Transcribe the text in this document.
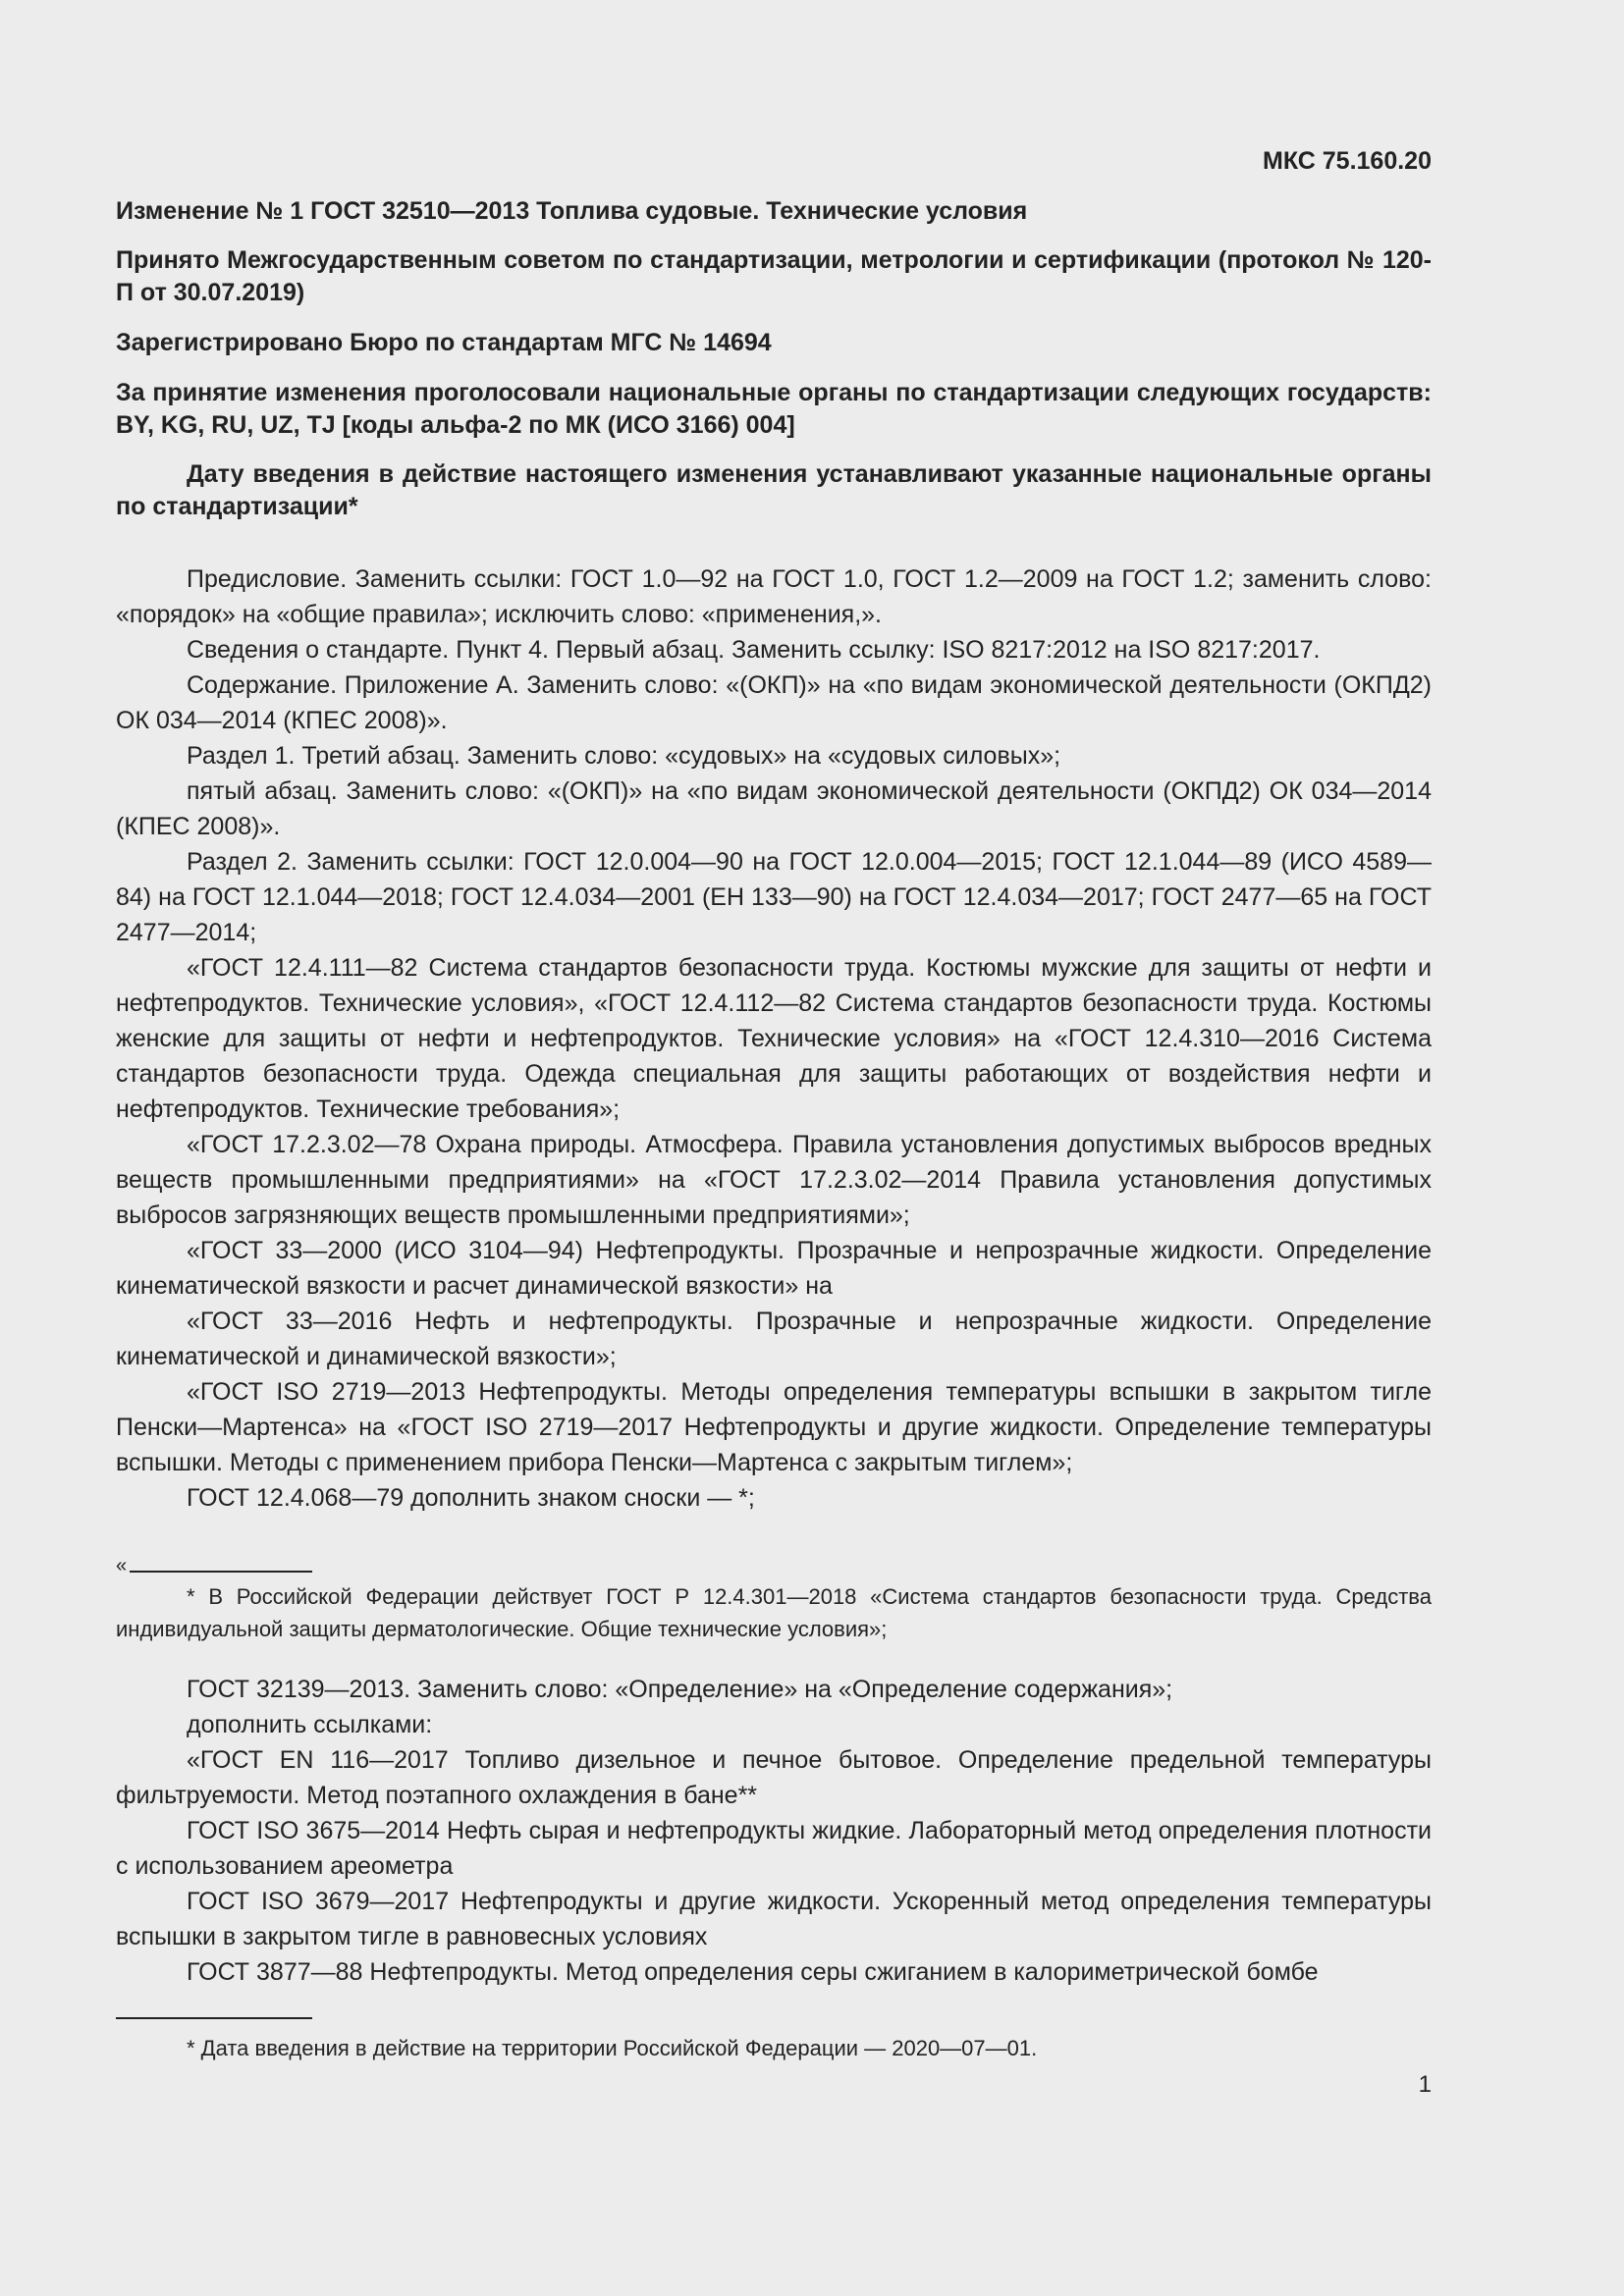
МКС 75.160.20

Изменение № 1 ГОСТ 32510—2013 Топлива судовые. Технические условия

Принято Межгосударственным советом по стандартизации, метрологии и сертификации (протокол № 120-П от 30.07.2019)

Зарегистрировано Бюро по стандартам МГС № 14694

За принятие изменения проголосовали национальные органы по стандартизации следующих государств: BY, KG, RU, UZ, TJ [коды альфа-2 по МК (ИСО 3166) 004]

Дату введения в действие настоящего изменения устанавливают указанные национальные органы по стандартизации*

Предисловие. Заменить ссылки: ГОСТ 1.0—92 на ГОСТ 1.0, ГОСТ 1.2—2009 на ГОСТ 1.2; заменить слово: «порядок» на «общие правила»; исключить слово: «применения,».

Сведения о стандарте. Пункт 4. Первый абзац. Заменить ссылку: ISO 8217:2012 на ISO 8217:2017.

Содержание. Приложение А. Заменить слово: «(ОКП)» на «по видам экономической деятельности (ОКПД2) ОК 034—2014 (КПЕС 2008)».

Раздел 1. Третий абзац. Заменить слово: «судовых» на «судовых силовых»;

пятый абзац. Заменить слово: «(ОКП)» на «по видам экономической деятельности (ОКПД2) ОК 034—2014 (КПЕС 2008)».

Раздел 2. Заменить ссылки: ГОСТ 12.0.004—90 на ГОСТ 12.0.004—2015; ГОСТ 12.1.044—89 (ИСО 4589—84) на ГОСТ 12.1.044—2018; ГОСТ 12.4.034—2001 (ЕН 133—90) на ГОСТ 12.4.034—2017; ГОСТ 2477—65 на ГОСТ 2477—2014;

«ГОСТ 12.4.111—82 Система стандартов безопасности труда. Костюмы мужские для защиты от нефти и нефтепродуктов. Технические условия», «ГОСТ 12.4.112—82 Система стандартов безопасности труда. Костюмы женские для защиты от нефти и нефтепродуктов. Технические условия» на «ГОСТ 12.4.310—2016 Система стандартов безопасности труда. Одежда специальная для защиты работающих от воздействия нефти и нефтепродуктов. Технические требования»;

«ГОСТ 17.2.3.02—78 Охрана природы. Атмосфера. Правила установления допустимых выбросов вредных веществ промышленными предприятиями» на «ГОСТ 17.2.3.02—2014 Правила установления допустимых выбросов загрязняющих веществ промышленными предприятиями»;

«ГОСТ 33—2000 (ИСО 3104—94) Нефтепродукты. Прозрачные и непрозрачные жидкости. Определение кинематической вязкости и расчет динамической вязкости» на

«ГОСТ 33—2016 Нефть и нефтепродукты. Прозрачные и непрозрачные жидкости. Определение кинематической и динамической вязкости»;

«ГОСТ ISO 2719—2013 Нефтепродукты. Методы определения температуры вспышки в закрытом тигле Пенски—Мартенса» на «ГОСТ ISO 2719—2017 Нефтепродукты и другие жидкости. Определение температуры вспышки. Методы с применением прибора Пенски—Мартенса с закрытым тиглем»;

ГОСТ 12.4.068—79 дополнить знаком сноски — *;

«

* В Российской Федерации действует ГОСТ Р 12.4.301—2018 «Система стандартов безопасности труда. Средства индивидуальной защиты дерматологические. Общие технические условия»;

ГОСТ 32139—2013. Заменить слово: «Определение» на «Определение содержания»;

дополнить ссылками:

«ГОСТ EN 116—2017 Топливо дизельное и печное бытовое. Определение предельной температуры фильтруемости. Метод поэтапного охлаждения в бане**

ГОСТ ISO 3675—2014 Нефть сырая и нефтепродукты жидкие. Лабораторный метод определения плотности с использованием ареометра

ГОСТ ISO 3679—2017 Нефтепродукты и другие жидкости. Ускоренный метод определения температуры вспышки в закрытом тигле в равновесных условиях

ГОСТ 3877—88 Нефтепродукты. Метод определения серы сжиганием в калориметрической бомбе

* Дата введения в действие на территории Российской Федерации — 2020—07—01.

1
